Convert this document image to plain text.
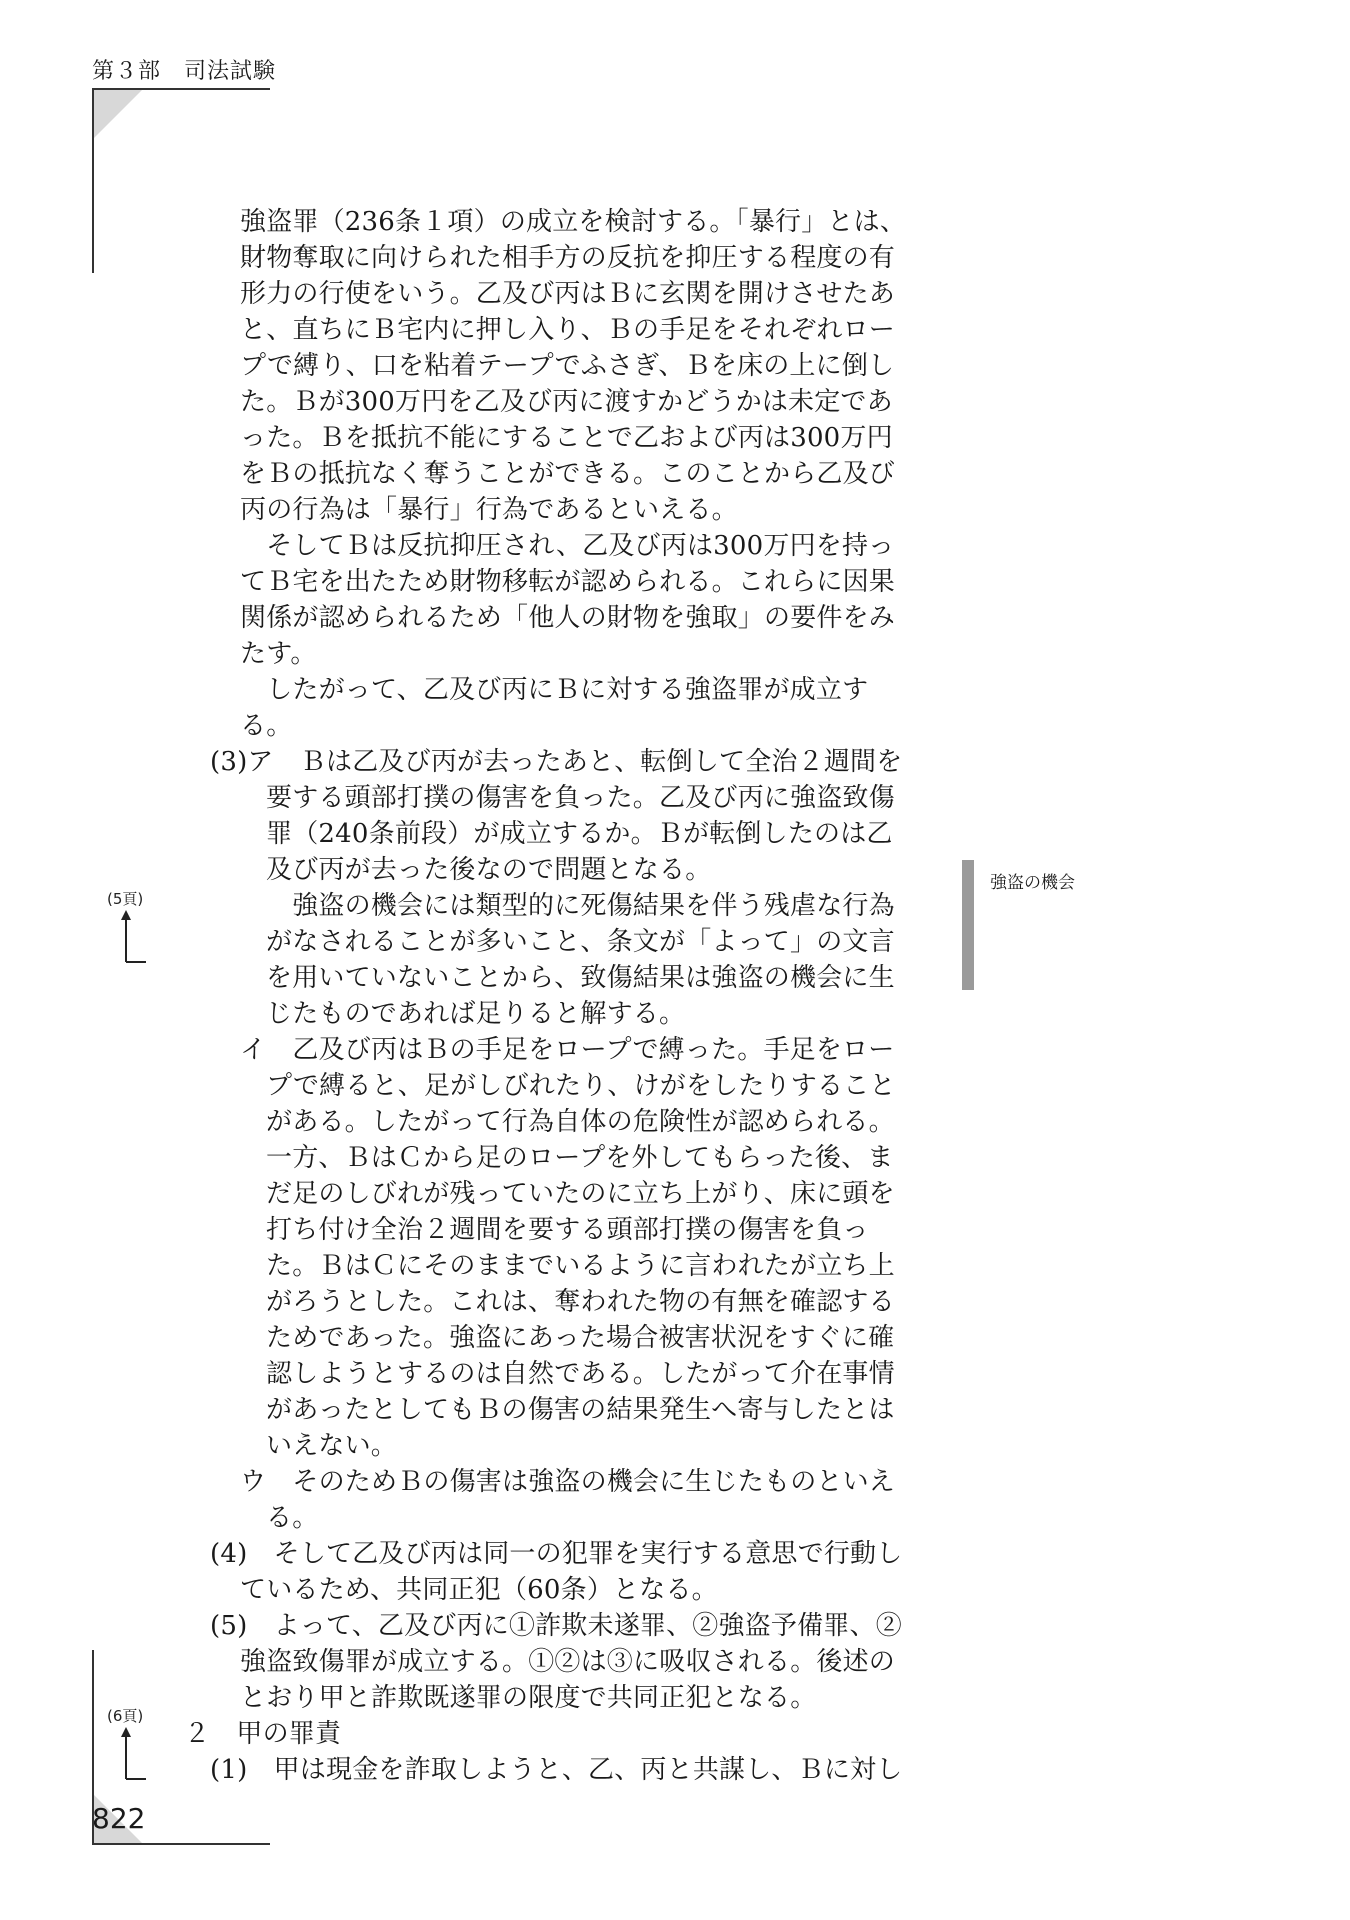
第３部　司法試験
強盗罪（236条１項）の成立を検討する。「暴行」とは、
財物奪取に向けられた相手方の反抗を抑圧する程度の有
形力の行使をいう。乙及び丙はＢに玄関を開けさせたあ
と、直ちにＢ宅内に押し入り、Ｂの手足をそれぞれロー
プで縛り、口を粘着テープでふさぎ、Ｂを床の上に倒し
た。Ｂが300万円を乙及び丙に渡すかどうかは未定であ
った。Ｂを抵抗不能にすることで乙および丙は300万円
をＢの抵抗なく奪うことができる。このことから乙及び
丙の行為は「暴行」行為であるといえる。
　そしてＢは反抗抑圧され、乙及び丙は300万円を持っ
てＢ宅を出たため財物移転が認められる。これらに因果
関係が認められるため「他人の財物を強取」の要件をみ
たす。
　したがって、乙及び丙にＢに対する強盗罪が成立す
る。
(3)ア　Ｂは乙及び丙が去ったあと、転倒して全治２週間を
要する頭部打撲の傷害を負った。乙及び丙に強盗致傷
罪（240条前段）が成立するか。Ｂが転倒したのは乙
及び丙が去った後なので問題となる。
　強盗の機会には類型的に死傷結果を伴う残虐な行為
がなされることが多いこと、条文が「よって」の文言
を用いていないことから、致傷結果は強盗の機会に生
じたものであれば足りると解する。
イ　乙及び丙はＢの手足をロープで縛った。手足をロー
プで縛ると、足がしびれたり、けがをしたりすること
がある。したがって行為自体の危険性が認められる。
一方、ＢはＣから足のロープを外してもらった後、ま
だ足のしびれが残っていたのに立ち上がり、床に頭を
打ち付け全治２週間を要する頭部打撲の傷害を負っ
た。ＢはＣにそのままでいるように言われたが立ち上
がろうとした。これは、奪われた物の有無を確認する
ためであった。強盗にあった場合被害状況をすぐに確
認しようとするのは自然である。したがって介在事情
があったとしてもＢの傷害の結果発生へ寄与したとは
いえない。
ウ　そのためＢの傷害は強盗の機会に生じたものといえ
る。
(4)　そして乙及び丙は同一の犯罪を実行する意思で行動し
ているため、共同正犯（60条）となる。
(5)　よって、乙及び丙に①詐欺未遂罪、②強盗予備罪、②
強盗致傷罪が成立する。①②は③に吸収される。後述の
とおり甲と詐欺既遂罪の限度で共同正犯となる。
２　甲の罪責
(1)　甲は現金を詐取しようと、乙、丙と共謀し、Ｂに対し
(5頁)
(6頁)
強盗の機会
822
